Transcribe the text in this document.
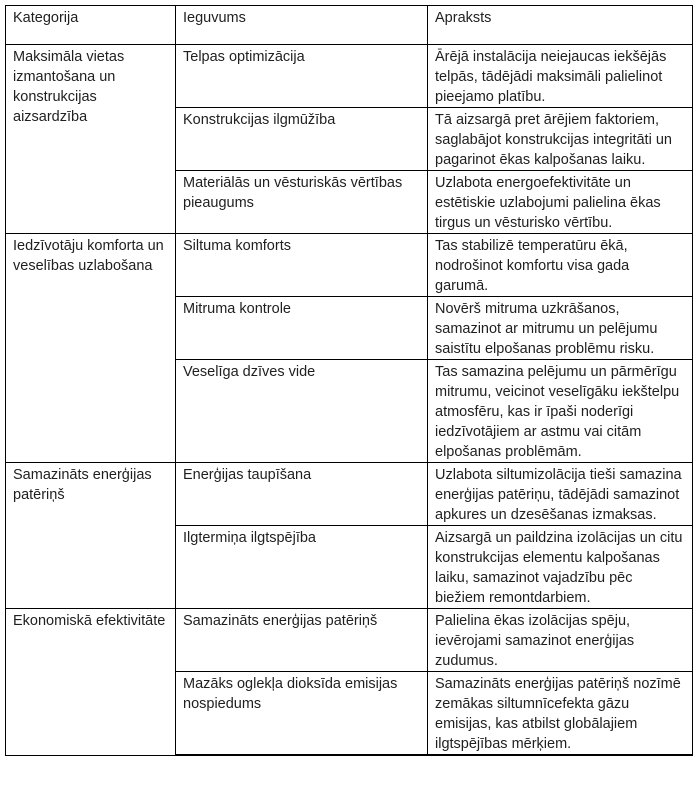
Kategorija	Ieguvums	Apraksts
Maksimāla vietas izmantošana un konstrukcijas aizsardzība	Telpas optimizācija	Ārējā instalācija neiejaucas iekšējās telpās, tādējādi maksimāli palielinot pieejamo platību.
	Konstrukcijas ilgmūžība	Tā aizsargā pret ārējiem faktoriem, saglabājot konstrukcijas integritāti un pagarinot ēkas kalpošanas laiku.
	Materiālās un vēsturiskās vērtības pieaugums	Uzlabota energoefektivitāte un estētiskie uzlabojumi palielina ēkas tirgus un vēsturisko vērtību.
Iedzīvotāju komforta un veselības uzlabošana	Siltuma komforts	Tas stabilizē temperatūru ēkā, nodrošinot komfortu visa gada garumā.
	Mitruma kontrole	Novērš mitruma uzkrāšanos, samazinot ar mitrumu un pelējumu saistītu elpošanas problēmu risku.
	Veselīga dzīves vide	Tas samazina pelējumu un pārmērīgu mitrumu, veicinot veselīgāku iekštelpu atmosfēru, kas ir īpaši noderīgi iedzīvotājiem ar astmu vai citām elpošanas problēmām.
Samazināts enerģijas patēriņš	Enerģijas taupīšana	Uzlabota siltumizolācija tieši samazina enerģijas patēriņu, tādējādi samazinot apkures un dzesēšanas izmaksas.
	Ilgtermiņa ilgtspējība	Aizsargā un paildzina izolācijas un citu konstrukcijas elementu kalpošanas laiku, samazinot vajadzību pēc biežiem remontdarbiem.
Ekonomiskā efektivitāte	Samazināts enerģijas patēriņš	Palielina ēkas izolācijas spēju, ievērojami samazinot enerģijas zudumus.
	Mazāks oglekļa dioksīda emisijas nospiedums	Samazināts enerģijas patēriņš nozīmē zemākas siltumnīcefekta gāzu emisijas, kas atbilst globālajiem ilgtspējības mērķiem.
